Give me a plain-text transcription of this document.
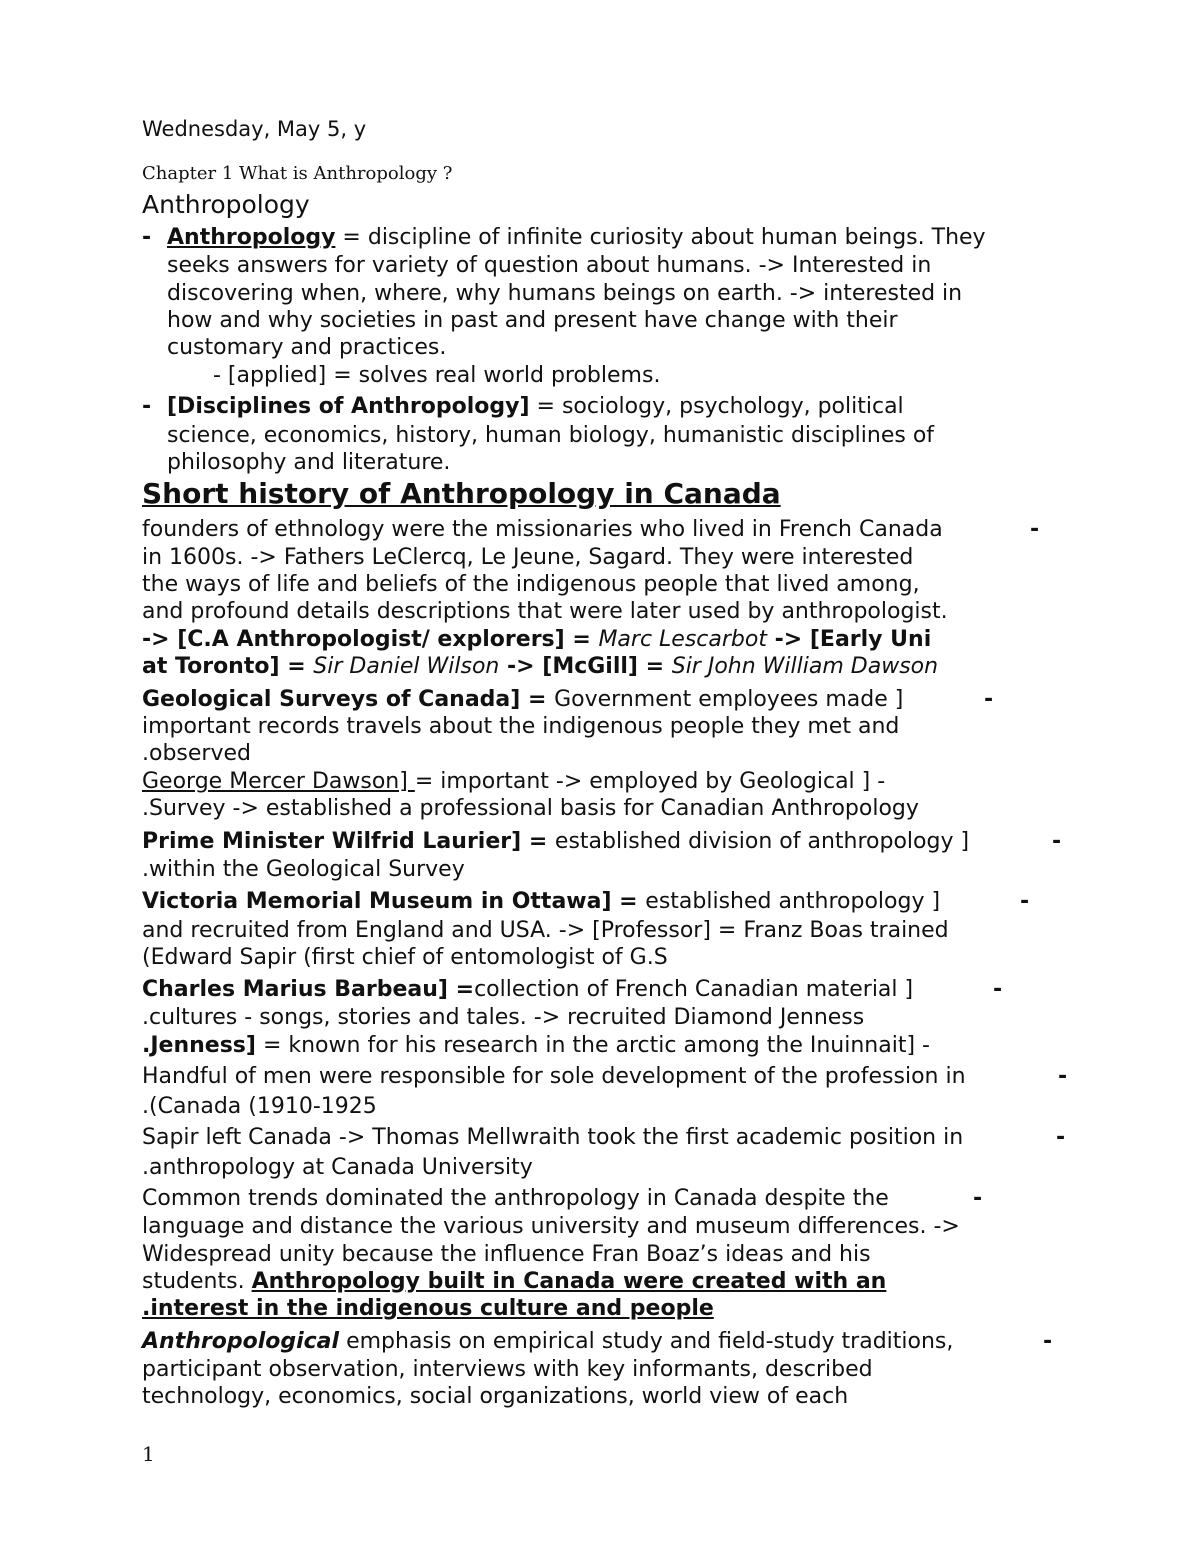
Wednesday, May 5, y
Chapter 1 What is Anthropology ?
Anthropology
- Anthropology = discipline of infinite curiosity about human beings. They
seeks answers for variety of question about humans. -> Interested in
discovering when, where, why humans beings on earth. -> interested in
how and why societies in past and present have change with their
customary and practices.
- [applied] = solves real world problems.
- [Disciplines of Anthropology] = sociology, psychology, political
science, economics, history, human biology, humanistic disciplines of
philosophy and literature.
Short history of Anthropology in Canada
-
founders of ethnology were the missionaries who lived in French Canada
in 1600s. -> Fathers LeClercq, Le Jeune, Sagard. They were interested
the ways of life and beliefs of the indigenous people that lived among,
and profound details descriptions that were later used by anthropologist.
-> [C.A Anthropologist/ explorers] = Marc Lescarbot -> [Early Uni
at Toronto] = Sir Daniel Wilson -> [McGill] = Sir John William Dawson
-
Geological Surveys of Canada] = Government employees made ]
important records travels about the indigenous people they met and
.observed
George Mercer Dawson] = important -> employed by Geological ] -
.Survey -> established a professional basis for Canadian Anthropology
-
Prime Minister Wilfrid Laurier] = established division of anthropology ]
.within the Geological Survey
-
Victoria Memorial Museum in Ottawa] = established anthropology ]
and recruited from England and USA. -> [Professor] = Franz Boas trained
(Edward Sapir (first chief of entomologist of G.S
-
Charles Marius Barbeau] =collection of French Canadian material ]
.cultures - songs, stories and tales. -> recruited Diamond Jenness
.Jenness] = known for his research in the arctic among the Inuinnait] -
-
Handful of men were responsible for sole development of the profession in
.(Canada (1910-1925
-
Sapir left Canada -> Thomas Mellwraith took the first academic position in
.anthropology at Canada University
-
Common trends dominated the anthropology in Canada despite the
language and distance the various university and museum differences. ->
Widespread unity because the influence Fran Boaz’s ideas and his
students. Anthropology built in Canada were created with an
.interest in the indigenous culture and people
-
Anthropological emphasis on empirical study and field-study traditions,
participant observation, interviews with key informants, described
technology, economics, social organizations, world view of each
1
